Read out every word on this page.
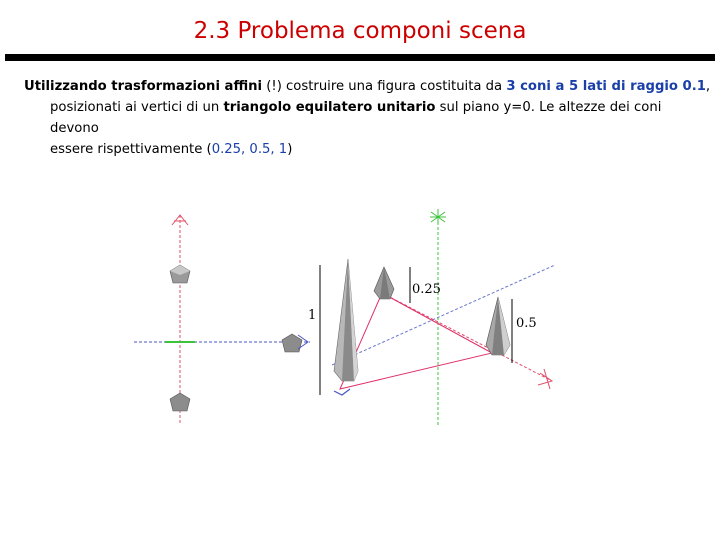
2.3 Problema componi scena
Utilizzando trasformazioni affini (!) costruire una figura costituita da 3 coni a 5 lati di raggio 0.1,
posizionati ai vertici di un triangolo equilatero unitario sul piano y=0. Le altezze dei coni devono
essere rispettivamente (0.25, 0.5, 1)
0.25
1
0.5
